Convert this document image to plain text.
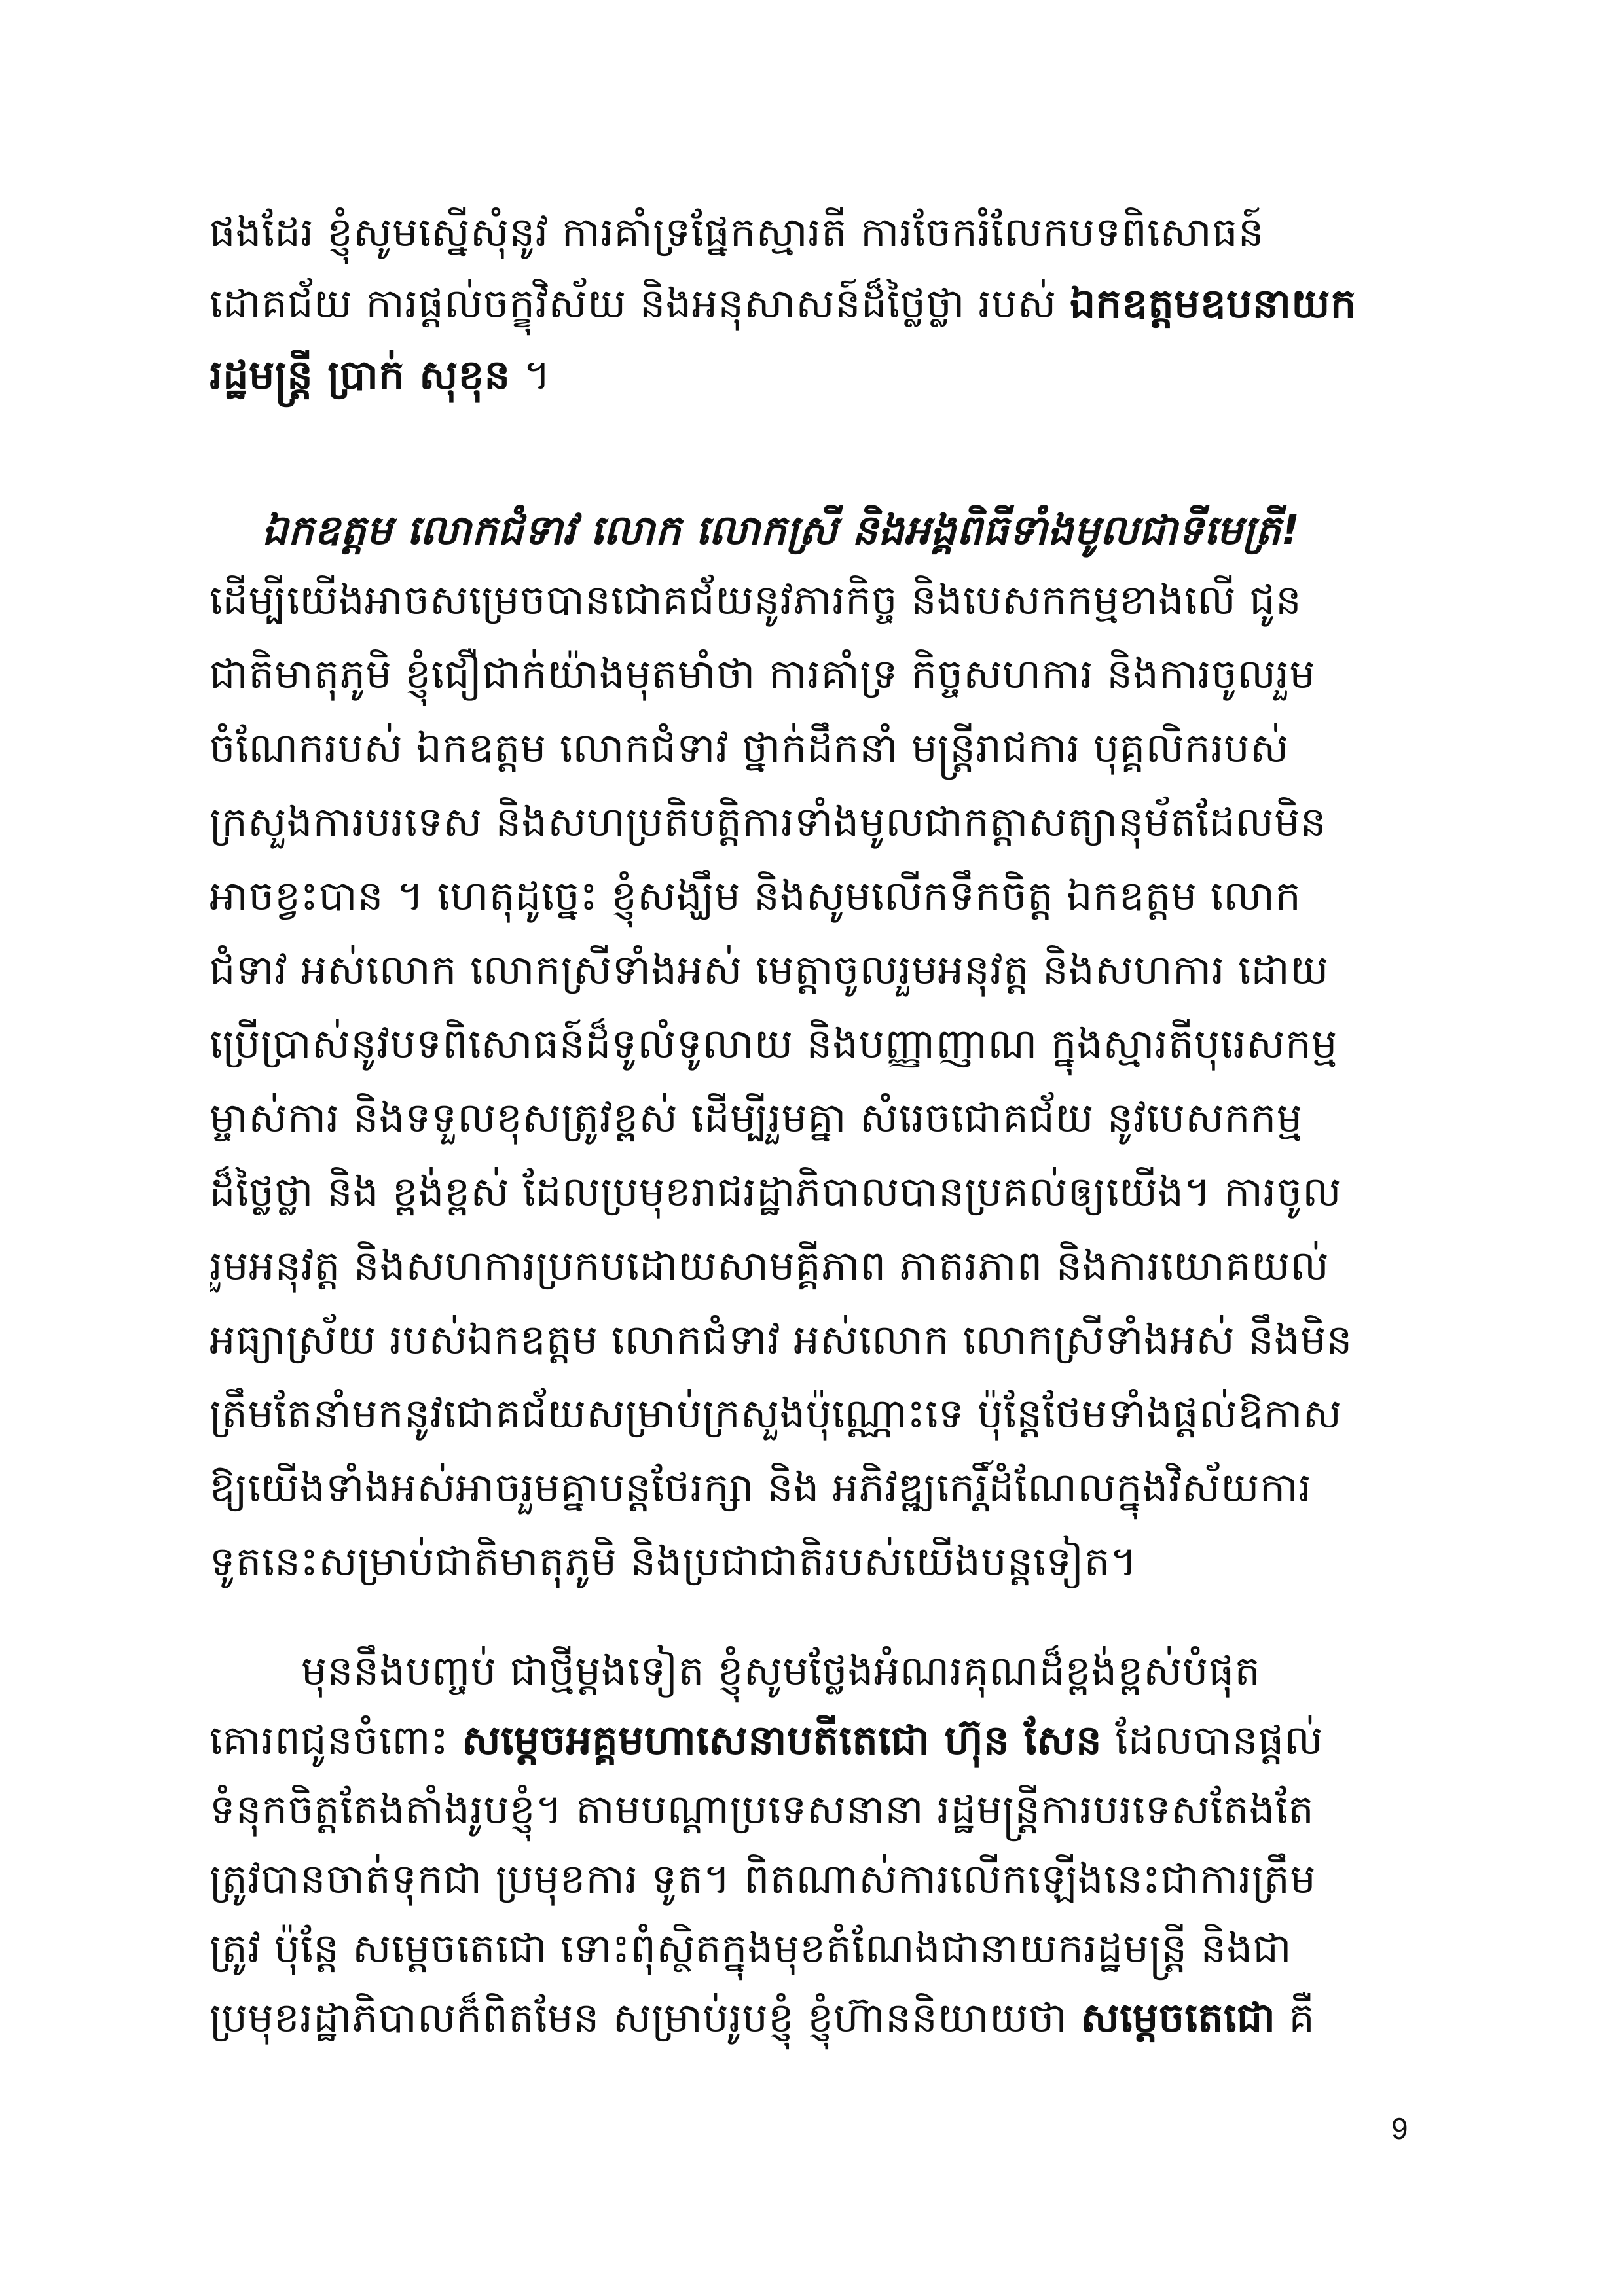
ផងដែរ ខ្ញុំសូមស្នើសុំនូវ ការគាំទ្រផ្នែកស្មារតី ការចែករំលែកបទពិសោធន៍
ដោគជ័យ ការផ្តល់ចក្ខុវិស័យ និងអនុសាសន៍ដ៏ថ្លៃថ្លា របស់ ឯកឧត្តមឧបនាយក
រដ្ឋមន្ត្រី ប្រាក់ សុខុន ។
ឯកឧត្តម លោកជំទាវ លោក លោកស្រី និងអង្គពិធីទាំងមូលជាទីមេត្រី!
ដើម្បីយើងអាចសម្រេចបានជោគជ័យនូវភារកិច្ច និងបេសកកម្មខាងលើ ជូន
ជាតិមាតុភូមិ ខ្ញុំជឿជាក់យ៉ាងមុតមាំថា ការគាំទ្រ កិច្ចសហការ និងការចូលរួម
ចំណែករបស់ ឯកឧត្តម លោកជំទាវ ថ្នាក់ដឹកនាំ មន្ត្រីរាជការ បុគ្គលិករបស់
ក្រសួងការបរទេស និងសហប្រតិបត្តិការទាំងមូលជាកត្តាសត្យានុម័តដែលមិន
អាចខ្វះបាន ។ ហេតុដូច្នេះ ខ្ញុំសង្ឃឹម និងសូមលើកទឹកចិត្ត ឯកឧត្តម លោក
ជំទាវ អស់លោក លោកស្រីទាំងអស់ មេត្តាចូលរួមអនុវត្ត និងសហការ ដោយ
ប្រើប្រាស់នូវបទពិសោធន៍ដ៏ទូលំទូលាយ និងបញ្ញាញាណ ក្នុងស្មារតីបុរេសកម្ម
ម្ចាស់ការ និងទទួលខុសត្រូវខ្ពស់ ដើម្បីរួមគ្នា សំរេចជោគជ័យ នូវបេសកកម្ម
ដ៏ថ្លៃថ្លា និង ខ្ពង់ខ្ពស់ ដែលប្រមុខរាជរដ្ឋាភិបាលបានប្រគល់ឲ្យយើង។ ការចូល
រួមអនុវត្ត និងសហការប្រកបដោយសាមគ្គីភាព ភាតរភាព និងការយោគយល់
អធ្យាស្រ័យ របស់ឯកឧត្តម លោកជំទាវ អស់លោក លោកស្រីទាំងអស់ នឹងមិន
ត្រឹមតែនាំមកនូវជោគជ័យសម្រាប់ក្រសួងប៉ុណ្ណោះទេ ប៉ុន្តែថែមទាំងផ្តល់ឱកាស
ឱ្យយើងទាំងអស់អាចរួមគ្នាបន្តថែរក្សា និង អភិវឌ្ឍកេរ្តិ៍ដំណែលក្នុងវិស័យការ
ទូតនេះសម្រាប់ជាតិមាតុភូមិ និងប្រជាជាតិរបស់យើងបន្តទៀត។
មុននឹងបញ្ចប់ ជាថ្មីម្តងទៀត ខ្ញុំសូមថ្លែងអំណរគុណដ៏ខ្ពង់ខ្ពស់បំផុត
គោរពជូនចំពោះ សម្តេចអគ្គមហាសេនាបតីតេជោ ហ៊ុន សែន ដែលបានផ្តល់
ទំនុកចិត្តតែងតាំងរូបខ្ញុំ។ តាមបណ្តាប្រទេសនានា រដ្ឋមន្ត្រីការបរទេសតែងតែ
ត្រូវបានចាត់ទុកជា ប្រមុខការ ទូត។ ពិតណាស់ការលើកឡើងនេះជាការត្រឹម
ត្រូវ ប៉ុន្តែ សម្តេចតេជោ ទោះពុំស្ថិតក្នុងមុខតំណែងជានាយករដ្ឋមន្ត្រី និងជា
ប្រមុខរដ្ឋាភិបាលក៏ពិតមែន សម្រាប់រូបខ្ញុំ ខ្ញុំហ៊ាននិយាយថា សម្តេចតេជោ គឺ
9
